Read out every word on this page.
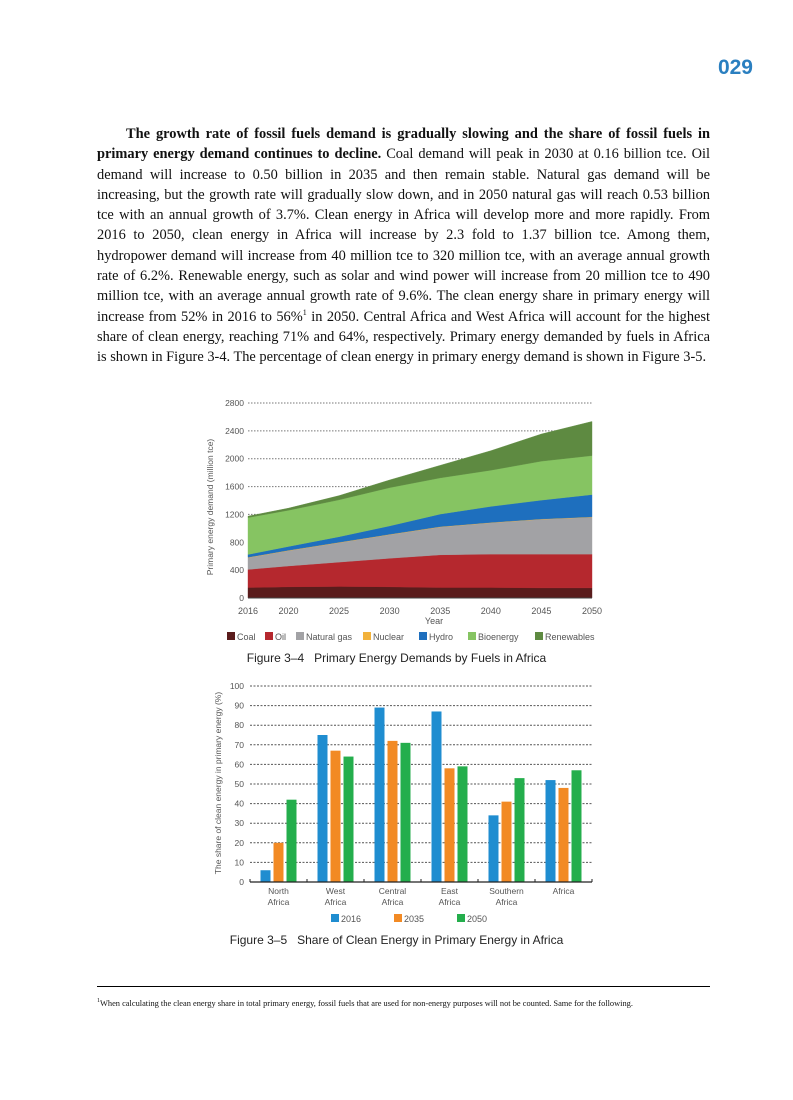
029

The growth rate of fossil fuels demand is gradually slowing and the share of fossil fuels in primary energy demand continues to decline. Coal demand will peak in 2030 at 0.16 billion tce. Oil demand will increase to 0.50 billion in 2035 and then remain stable. Natural gas demand will be increasing, but the growth rate will gradually slow down, and in 2050 natural gas will reach 0.53 billion tce with an annual growth of 3.7%. Clean energy in Africa will develop more and more rapidly. From 2016 to 2050, clean energy in Africa will increase by 2.3 fold to 1.37 billion tce. Among them, hydropower demand will increase from 40 million tce to 320 million tce, with an average annual growth rate of 6.2%. Renewable energy, such as solar and wind power will increase from 20 million tce to 490 million tce, with an average annual growth rate of 9.6%. The clean energy share in primary energy will increase from 52% in 2016 to 56%$^1$ in 2050. Central Africa and West Africa will account for the highest share of clean energy, reaching 71% and 64%, respectively. Primary energy demanded by fuels in Africa is shown in Figure 3-4. The percentage of clean energy in primary energy demand is shown in Figure 3-5.

0
400
800
1200
1600
2000
2400
2800
2016 2020	2025	2030	2035	2040	2045	2050
Primary energy demand (million tce)
Year
Coal Oil Natural gas Nuclear	Hydro	Bioenergy	Renewables
Figure 3–4 Primary Energy Demands by Fuels in Africa
0
10
20
30
40
50
60
70
80
90
100
North Africa
West Africa
Central Africa
East Africa
Southern Africa
Africa
The share of clean energy in primary energy (%)
2016	2035	2050
Figure 3–5 Share of Clean Energy in Primary Energy in Africa
$^1$When calculating the clean energy share in total primary energy, fossil fuels that are used for non-energy purposes will not be counted. Same for the following.
